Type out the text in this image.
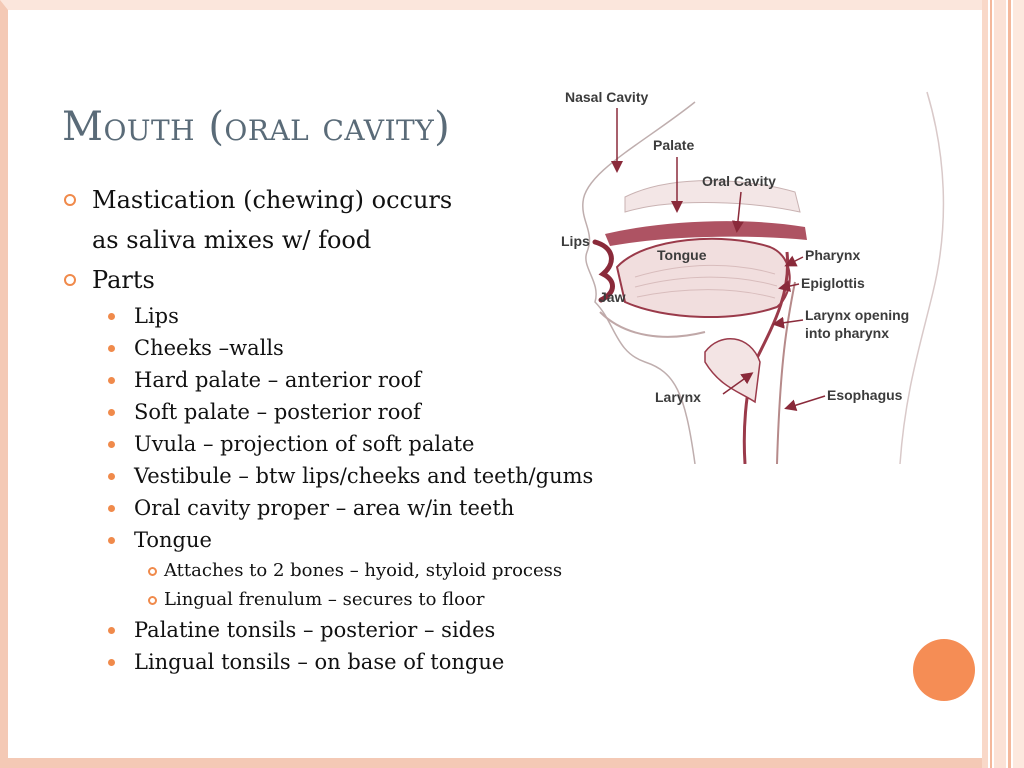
Mouth (oral cavity)
Mastication (chewing) occurs
as saliva mixes w/ food
Parts
Lips
Cheeks –walls
Hard palate – anterior roof
Soft palate – posterior roof
Uvula – projection of soft palate
Vestibule – btw lips/cheeks and teeth/gums
Oral cavity proper – area w/in teeth
Tongue
Attaches to 2 bones – hyoid, styloid process
Lingual frenulum – secures to floor
Palatine tonsils – posterior – sides
Lingual tonsils – on base of tongue
Nasal Cavity
Palate
Oral Cavity
Lips
Tongue
Jaw
Pharynx
Epiglottis
Larynx opening
into pharynx
Larynx	Esophagus
